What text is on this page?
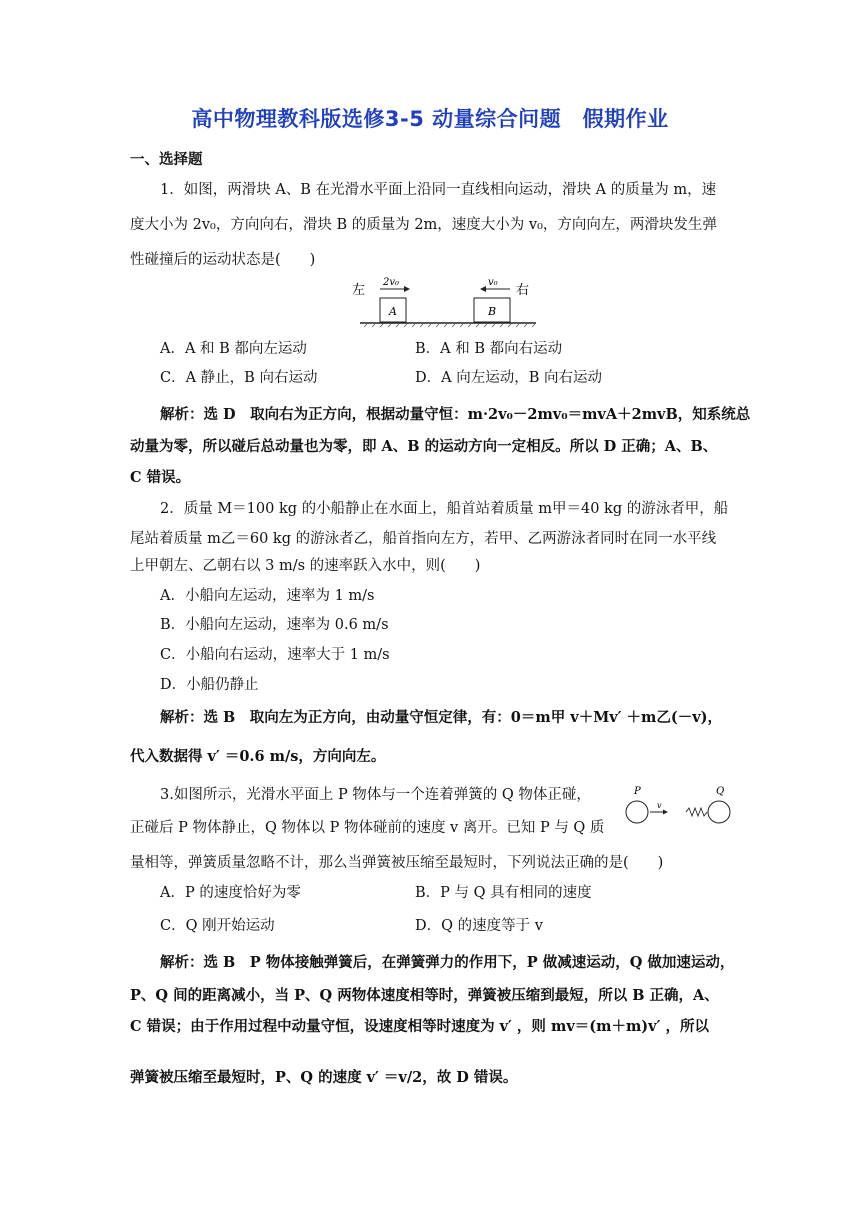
高中物理教科版选修3-5 动量综合问题　假期作业
一、选择题
1．如图，两滑块 A、B 在光滑水平面上沿同一直线相向运动，滑块 A 的质量为 m，速
度大小为 2v₀，方向向右，滑块 B 的质量为 2m，速度大小为 v₀，方向向左，两滑块发生弹
性碰撞后的运动状态是(　　)
左	右
2v₀	v₀
A	B
A．A 和 B 都向左运动	B．A 和 B 都向右运动
C．A 静止，B 向右运动	D．A 向左运动，B 向右运动
解析：选 D　取向右为正方向，根据动量守恒：m·2v₀－2mv₀＝mvA＋2mvB，知系统总
动量为零，所以碰后总动量也为零，即 A、B 的运动方向一定相反。所以 D 正确；A、B、
C 错误。
2．质量 M＝100 kg 的小船静止在水面上，船首站着质量 m甲＝40 kg 的游泳者甲，船
尾站着质量 m乙＝60 kg 的游泳者乙，船首指向左方，若甲、乙两游泳者同时在同一水平线
上甲朝左、乙朝右以 3 m/s 的速率跃入水中，则(　　)
A．小船向左运动，速率为 1 m/s
B．小船向左运动，速率为 0.6 m/s
C．小船向右运动，速率大于 1 m/s
D．小船仍静止
解析：选 B　取向左为正方向，由动量守恒定律，有：0＝m甲 v＋Mv′ ＋m乙(－v)，
代入数据得 v′ ＝0.6 m/s，方向向左。
3.如图所示，光滑水平面上 P 物体与一个连着弹簧的 Q 物体正碰，
正碰后 P 物体静止，Q 物体以 P 物体碰前的速度 v 离开。已知 P 与 Q 质
量相等，弹簧质量忽略不计，那么当弹簧被压缩至最短时，下列说法正确的是(　　)
P	Q
v
A．P 的速度恰好为零	B．P 与 Q 具有相同的速度
C．Q 刚开始运动	D．Q 的速度等于 v
解析：选 B　P 物体接触弹簧后，在弹簧弹力的作用下，P 做减速运动，Q 做加速运动，
P、Q 间的距离减小，当 P、Q 两物体速度相等时，弹簧被压缩到最短，所以 B 正确，A、
C 错误；由于作用过程中动量守恒，设速度相等时速度为 v′ ，则 mv＝(m＋m)v′ ，所以
弹簧被压缩至最短时，P、Q 的速度 v′ ＝v/2，故 D 错误。
